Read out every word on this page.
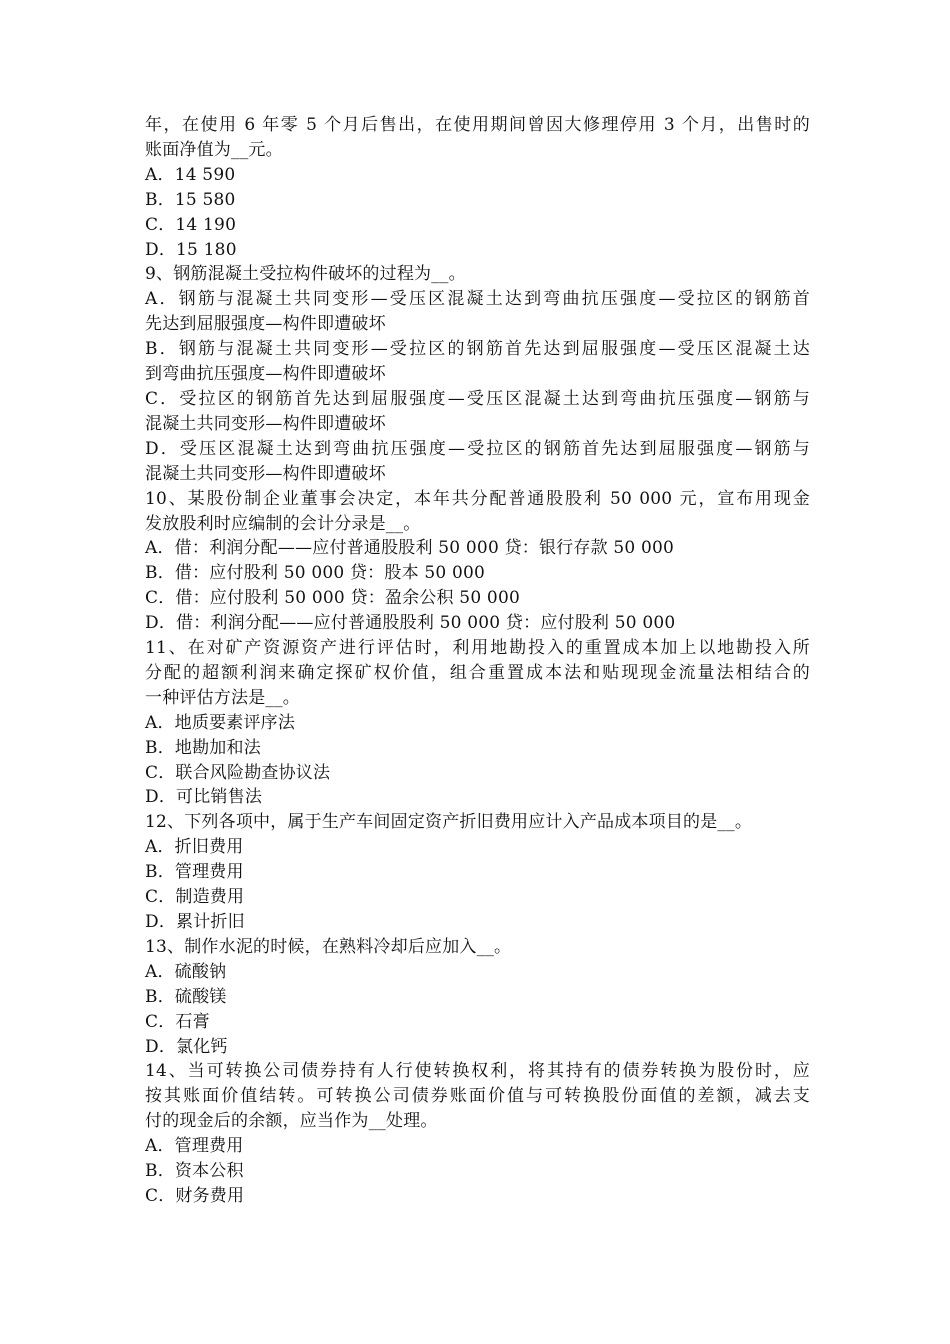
年，在使用 6 年零 5 个月后售出，在使用期间曾因大修理停用 3 个月，出售时的
账面净值为__元。
A．14 590
B．15 580
C．14 190
D．15 180
9、钢筋混凝土受拉构件破坏的过程为__。
A．钢筋与混凝土共同变形—受压区混凝土达到弯曲抗压强度—受拉区的钢筋首
先达到屈服强度—构件即遭破坏
B．钢筋与混凝土共同变形—受拉区的钢筋首先达到屈服强度—受压区混凝土达
到弯曲抗压强度—构件即遭破坏
C．受拉区的钢筋首先达到屈服强度—受压区混凝土达到弯曲抗压强度—钢筋与
混凝土共同变形—构件即遭破坏
D．受压区混凝土达到弯曲抗压强度—受拉区的钢筋首先达到屈服强度—钢筋与
混凝土共同变形—构件即遭破坏
10、某股份制企业董事会决定，本年共分配普通股股利 50 000 元，宣布用现金
发放股利时应编制的会计分录是__。
A．借：利润分配——应付普通股股利 50 000 贷：银行存款 50 000
B．借：应付股利 50 000 贷：股本 50 000
C．借：应付股利 50 000 贷：盈余公积 50 000
D．借：利润分配——应付普通股股利 50 000 贷：应付股利 50 000
11、在对矿产资源资产进行评估时，利用地勘投入的重置成本加上以地勘投入所
分配的超额利润来确定探矿权价值，组合重置成本法和贴现现金流量法相结合的
一种评估方法是__。
A．地质要素评序法
B．地勘加和法
C．联合风险勘查协议法
D．可比销售法
12、下列各项中，属于生产车间固定资产折旧费用应计入产品成本项目的是__。
A．折旧费用
B．管理费用
C．制造费用
D．累计折旧
13、制作水泥的时候，在熟料冷却后应加入__。
A．硫酸钠
B．硫酸镁
C．石膏
D．氯化钙
14、当可转换公司债券持有人行使转换权利，将其持有的债券转换为股份时，应
按其账面价值结转。可转换公司债券账面价值与可转换股份面值的差额，减去支
付的现金后的余额，应当作为__处理。
A．管理费用
B．资本公积
C．财务费用
